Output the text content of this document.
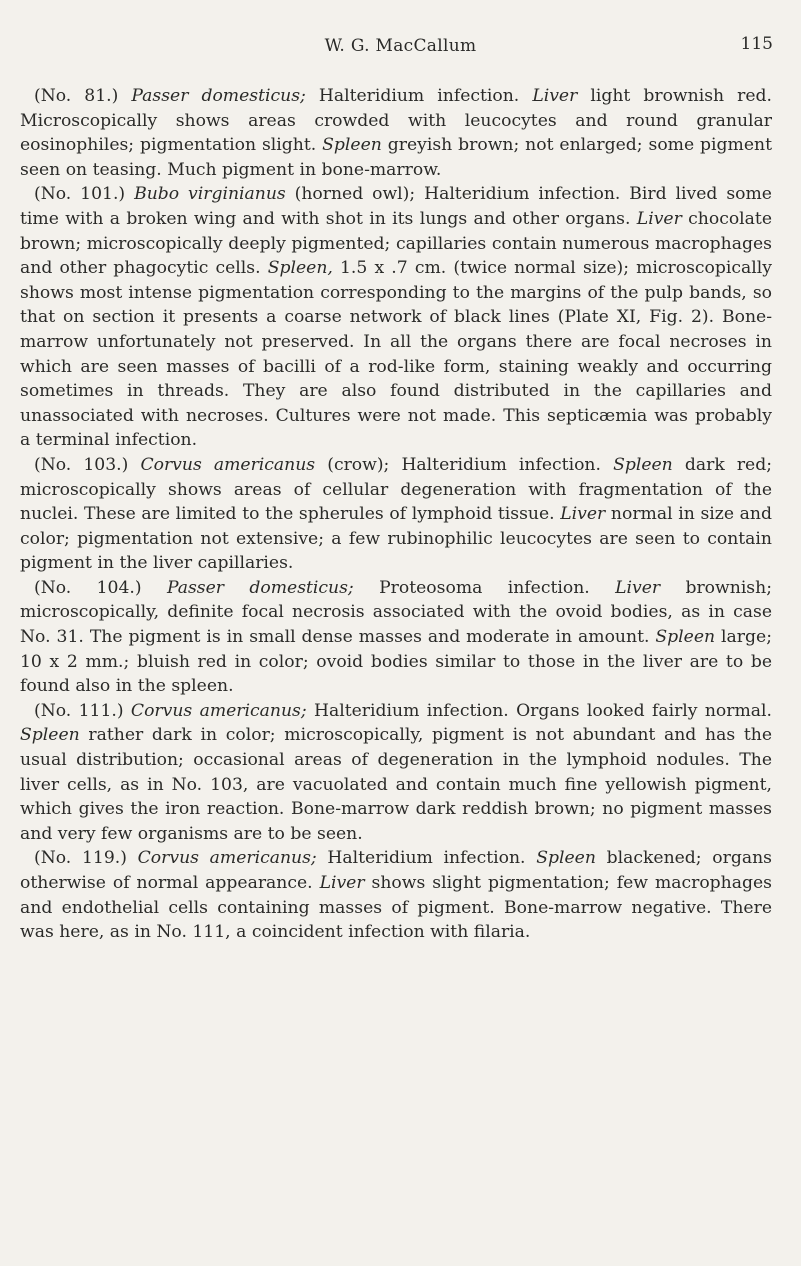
W. G. MacCallum	115

(No. 81.) Passer domesticus; Halteridium infection. Liver light brownish red. Microscopically shows areas crowded with leucocytes and round granular eosinophiles; pigmentation slight. Spleen greyish brown; not enlarged; some pigment seen on teasing. Much pigment in bone-marrow.

(No. 101.) Bubo virginianus (horned owl); Halteridium infection. Bird lived some time with a broken wing and with shot in its lungs and other organs. Liver chocolate brown; microscopically deeply pigmented; capillaries contain numerous macrophages and other phagocytic cells. Spleen, 1.5 x .7 cm. (twice normal size); microscopically shows most intense pigmentation corresponding to the margins of the pulp bands, so that on section it presents a coarse network of black lines (Plate XI, Fig. 2). Bone-marrow unfortunately not preserved. In all the organs there are focal necroses in which are seen masses of bacilli of a rod-like form, staining weakly and occurring sometimes in threads. They are also found distributed in the capillaries and unassociated with necroses. Cultures were not made. This septicæmia was probably a terminal infection.

(No. 103.) Corvus americanus (crow); Halteridium infection. Spleen dark red; microscopically shows areas of cellular degeneration with fragmentation of the nuclei. These are limited to the spherules of lymphoid tissue. Liver normal in size and color; pigmentation not extensive; a few rubinophilic leucocytes are seen to contain pigment in the liver capillaries.

(No. 104.) Passer domesticus; Proteosoma infection. Liver brownish; microscopically, definite focal necrosis associated with the ovoid bodies, as in case No. 31. The pigment is in small dense masses and moderate in amount. Spleen large; 10 x 2 mm.; bluish red in color; ovoid bodies similar to those in the liver are to be found also in the spleen.

(No. 111.) Corvus americanus; Halteridium infection. Organs looked fairly normal. Spleen rather dark in color; microscopically, pigment is not abundant and has the usual distribution; occasional areas of degeneration in the lymphoid nodules. The liver cells, as in No. 103, are vacuolated and contain much fine yellowish pigment, which gives the iron reaction. Bone-marrow dark reddish brown; no pigment masses and very few organisms are to be seen.

(No. 119.) Corvus americanus; Halteridium infection. Spleen blackened; organs otherwise of normal appearance. Liver shows slight pigmentation; few macrophages and endothelial cells containing masses of pigment. Bone-marrow negative. There was here, as in No. 111, a coincident infection with filaria.
